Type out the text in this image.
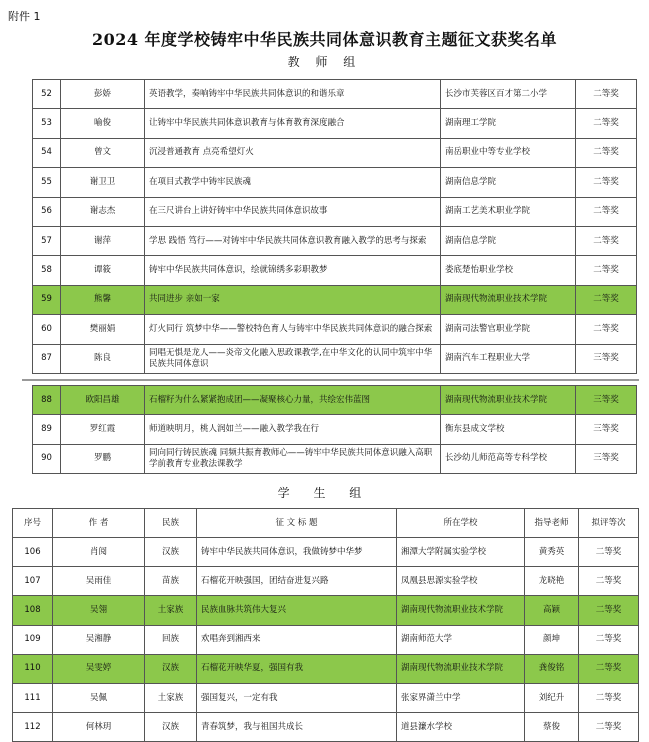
附件 1
2024 年度学校铸牢中华民族共同体意识教育主题征文获奖名单
教 师 组
52	彭娇	英语教学，奏响铸牢中华民族共同体意识的和谐乐章	长沙市芙蓉区百才第二小学	二等奖
53	喻俊	让铸牢中华民族共同体意识教育与体育教育深度融合	湖南理工学院	二等奖
54	曾文	沉浸普通教育 点亮希望灯火	南岳职业中等专业学校	二等奖
55	谢卫卫	在项目式教学中铸牢民族魂	湖南信息学院	二等奖
56	谢志杰	在三尺讲台上讲好铸牢中华民族共同体意识故事	湖南工艺美术职业学院	二等奖
57	谢萍	学思 践悟 笃行——对铸牢中华民族共同体意识教育融入教学的思考与探索	湖南信息学院	二等奖
58	谭筱	铸牢中华民族共同体意识，绘就锦绣多彩职教梦	娄底楚怡职业学校	二等奖
59	熊馨	共同进步 亲如一家	湖南现代物流职业技术学院	二等奖
60	樊丽娟	灯火同行 筑梦中华——警校特色育人与铸牢中华民族共同体意识的融合探索	湖南司法警官职业学院	二等奖
87	陈良	同唱无惧是龙人——炎帝文化融入思政课教学,在中华文化的认同中筑牢中华民族共同体意识	湖南汽车工程职业大学	三等奖
88	欧阳昌雄	石榴籽为什么紧紧抱成团——凝聚核心力量，共绘宏伟蓝图	湖南现代物流职业技术学院	三等奖
89	罗红霞	师道映明月，桃人润如兰——融入教学我在行	衡东县成文学校	三等奖
90	罗鹏	同向同行铸民族魂 同频共振育教师心——铸牢中华民族共同体意识融入高职学前教育专业教法课教学	长沙幼儿师范高等专科学校	三等奖
学 生 组
序号	作 者	民族	征 文 标 题	所在学校	指导老师	拟评等次
106	肖阅	汉族	铸牢中华民族共同体意识，我做铸梦中华梦	湘潭大学附属实验学校	黄秀英	二等奖
107	吴雨佳	苗族	石榴花开映强国，团结奋进复兴路	凤凰县思源实验学校	龙晓艳	二等奖
108	吴翎	土家族	民族血脉共筑伟大复兴	湖南现代物流职业技术学院	高颖	二等奖
109	吴湘静	回族	欢唱奔到湘西来	湖南师范大学	颜坤	二等奖
110	吴雯婷	汉族	石榴花开映华夏，强国有我	湖南现代物流职业技术学院	龚俊铭	二等奖
111	吴佩	土家族	强国复兴，一定有我	张家界潇兰中学	刘纪升	二等奖
112	何林玥	汉族	青春筑梦，我与祖国共成长	道县濂水学校	蔡俊	二等奖
